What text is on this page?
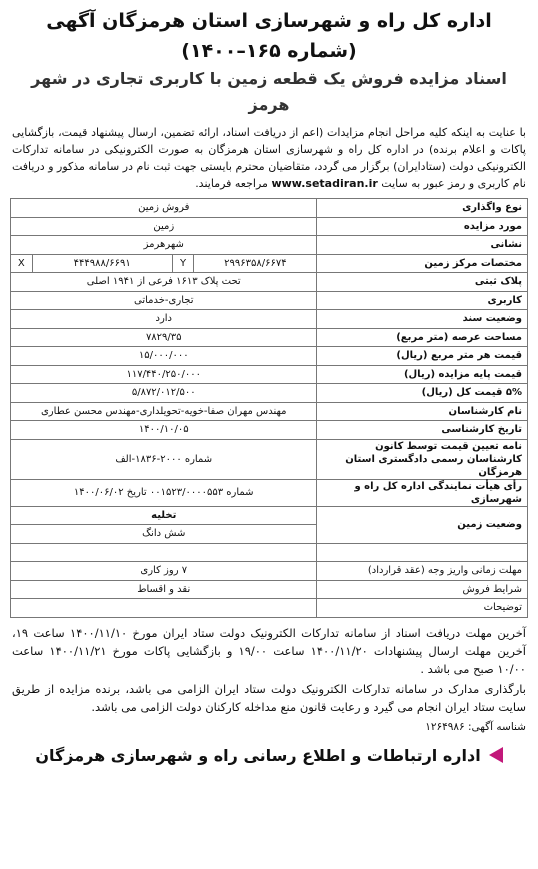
اداره کل راه و شهرسازی استان هرمزگان آگهی (شماره ۱۶۵–۱۴۰۰)
اسناد مزایده فروش یک قطعه زمین با کاربری تجاری در شهر هرمز
با عنایت به اینکه کلیه مراحل انجام مزایدات (اعم از دریافت اسناد، ارائه تضمین، ارسال پیشنهاد قیمت، بازگشایی پاکات و اعلام برنده) در اداره کل راه و شهرسازی استان هرمزگان به صورت الکترونیکی در سامانه تدارکات الکترونیکی دولت (ستادایران) برگزار می گردد، متقاضیان محترم بایستی جهت ثبت نام در سامانه مذکور و دریافت نام کاربری و رمز عبور به سایت www.setadiran.ir مراجعه فرمایند.
نوع واگذاری	فروش زمین			
مورد مزایده	زمین			
نشانی	شهرهرمز			
مختصات مرکز زمین	۲۹۹۶۳۵۸/۶۶۷۴	Y	۴۴۴۹۸۸/۶۶۹۱	X
پلاک ثبتی	تحت پلاک ۱۶۱۳ فرعی از ۱۹۴۱ اصلی			
کاربری	تجاری-خدماتی			
وضعیت سند	دارد			
مساحت عرصه (متر مربع)	۷۸۲۹/۳۵			
قیمت هر متر مربع (ریال)	۱۵/۰۰۰/۰۰۰			
قیمت پایه مزایده (ریال)	۱۱۷/۴۴۰/۲۵۰/۰۰۰			
۵% قیمت کل (ریال)	۵/۸۷۲/۰۱۲/۵۰۰			
نام کارشناسان	مهندس مهران صفا-خویه-تحویلداری-مهندس محسن عطاری			
تاریخ کارشناسی	۱۴۰۰/۱۰/۰۵			
نامه تعیین قیمت توسط کانون کارشناسان رسمی دادگستری استان هرمزگان	شماره ۲۰۰۰-۱۸۳۶-الف			
رأی هیأت نمایندگی اداره کل راه و شهرسازی	شماره ۰۰۱۵۲۳/۰۰۰۰۵۵۳ تاریخ ۱۴۰۰/۰۶/۰۲			
وضعیت زمین	تخلیه			
	شش دانگ			

مهلت زمانی واریز وجه (عقد قرارداد)	۷ روز کاری			
شرایط فروش	نقد و اقساط			
توضیحات				

آخرین مهلت دریافت اسناد از سامانه تدارکات الکترونیک دولت ستاد ایران مورخ ۱۴۰۰/۱۱/۱۰ ساعت ۱۹، آخرین مهلت ارسال پیشنهادات ۱۴۰۰/۱۱/۲۰ ساعت ۱۹/۰۰ و بازگشایی پاکات مورخ ۱۴۰۰/۱۱/۲۱ ساعت ۱۰/۰۰ صبح می باشد .

بارگذاری مدارک در سامانه تدارکات الکترونیک دولت ستاد ایران الزامی می باشد، برنده مزایده از طریق سایت ستاد ایران انجام می گیرد و رعایت قانون منع مداخله کارکنان دولت الزامی می باشد.

شناسه آگهی: ۱۲۶۴۹۸۶
اداره ارتباطات و اطلاع رسانی راه و شهرسازی هرمزگان
